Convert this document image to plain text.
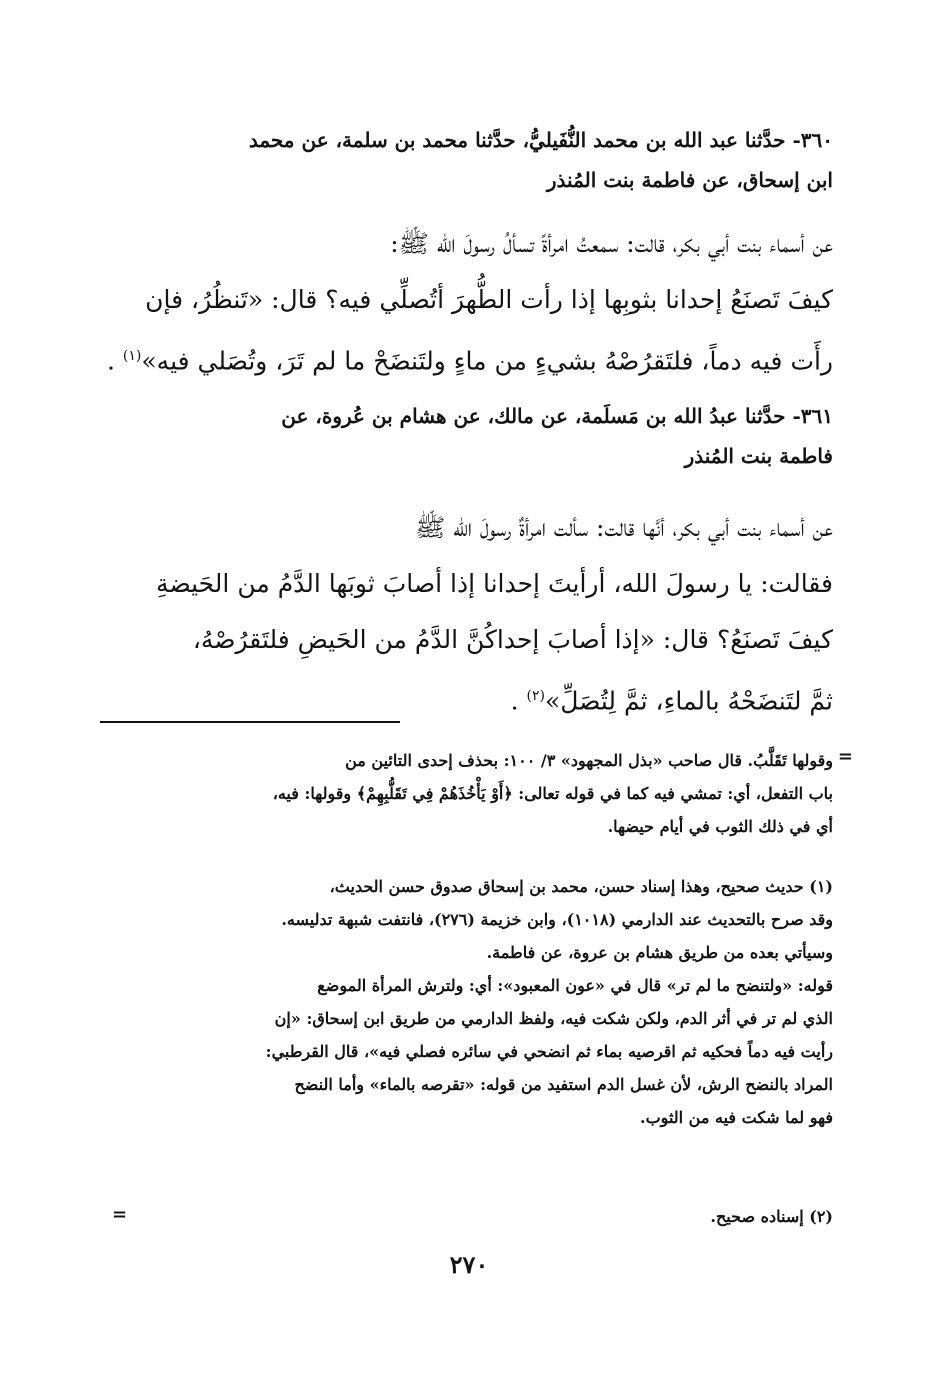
٣٦٠- حدَّثنا عبد الله بن محمد النُّفَيليُّ، حدَّثنا محمد بن سلمة، عن محمد
ابن إسحاق، عن فاطمة بنت المُنذر
عن أسماء بنت أبي بكر، قالت: سمعتُ امرأةً تسألُ رسولَ الله ﷺ:
كيفَ تَصنَعُ إحدانا بثوبِها إذا رأت الطُّهرَ أتُصلِّي فيه؟ قال: «تَنظُرُ، فإن
رأَت فيه دماً، فلتَقرُصْهُ بشيءٍ من ماءٍ ولتَنضَحْ ما لم تَرَ، وتُصَلي فيه»$^{(١)}$ .
٣٦١- حدَّثنا عبدُ الله بن مَسلَمة، عن مالك، عن هشام بن عُروة، عن
فاطمة بنت المُنذر
عن أسماء بنت أبي بكر، أنَّها قالت: سألت امرأةٌ رسولَ الله ﷺ
فقالت: يا رسولَ الله، أرأيتَ إحدانا إذا أصابَ ثوبَها الدَّمُ من الحَيضةِ
كيفَ تَصنَعُ؟ قال: «إذا أصابَ إحداكُنَّ الدَّمُ من الحَيضِ فلتَقرُصْهُ،
ثمَّ لتَنضَحْهُ بالماءِ، ثمَّ لِتُصَلِّ»$^{(٢)}$ .
=
وقولها تَقَلَّبُ. قال صاحب «بذل المجهود» ٣/ ١٠٠: بحذف إحدى التائين من
باب التفعل، أي: تمشي فيه كما في قوله تعالى: ﴿أَوْ يَأْخُذَهُمْ فِي تَقَلُّبِهِمْ﴾ وقولها: فيه،
أي في ذلك الثوب في أيام حيضها.
(١) حديث صحيح، وهذا إسناد حسن، محمد بن إسحاق صدوق حسن الحديث،
وقد صرح بالتحديث عند الدارمي (١٠١٨)، وابن خزيمة (٢٧٦)، فانتفت شبهة تدليسه.
وسيأتي بعده من طريق هشام بن عروة، عن فاطمة.
قوله: «ولتنضح ما لم تر» قال في «عون المعبود»: أي: ولترش المرأة الموضع
الذي لم تر في أثر الدم، ولكن شكت فيه، ولفظ الدارمي من طريق ابن إسحاق: «إن
رأيت فيه دماً فحكيه ثم اقرصيه بماء ثم انضحي في سائره فصلي فيه»، قال القرطبي:
المراد بالنضح الرش، لأن غسل الدم استفيد من قوله: «تقرصه بالماء» وأما النضح
فهو لما شكت فيه من الثوب.
(٢) إسناده صحيح.
=
٢٧٠
